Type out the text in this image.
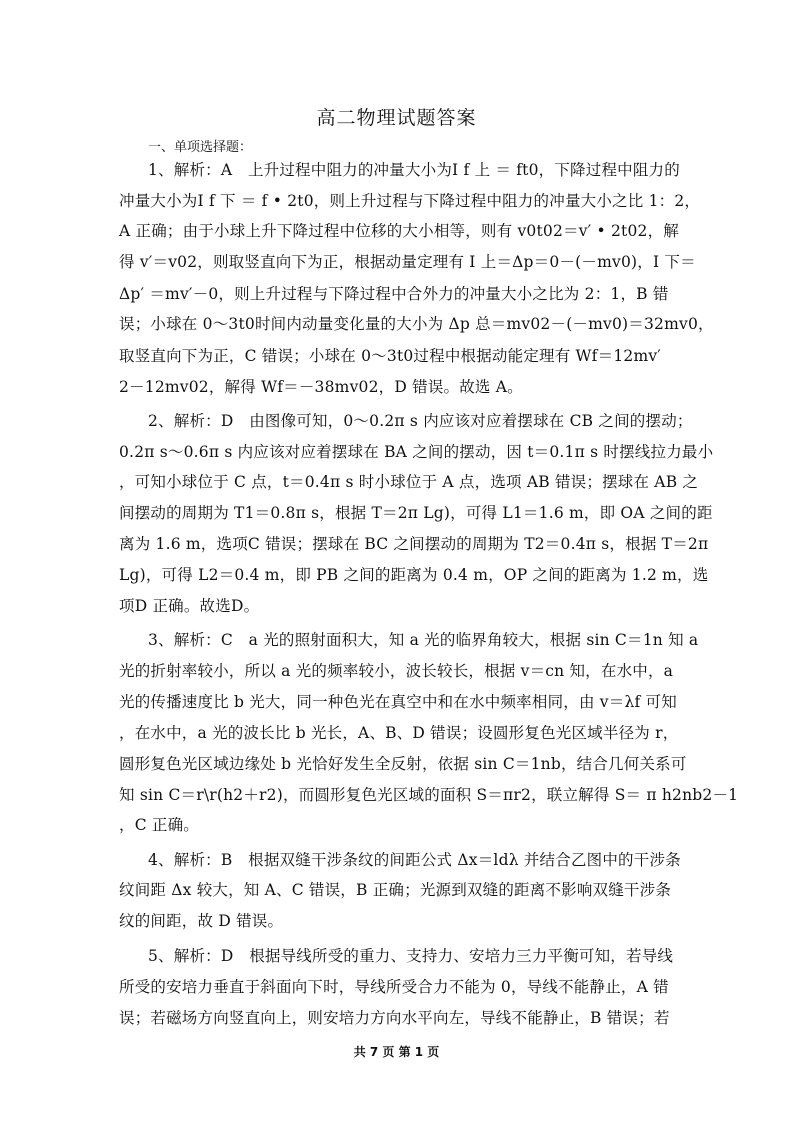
高二物理试题答案
一、单项选择题：
1、解析：A　上升过程中阻力的冲量大小为I f 上 ＝ ft0，下降过程中阻力的
冲量大小为I f 下 ＝ f • 2t0，则上升过程与下降过程中阻力的冲量大小之比 1：2，
A 正确；由于小球上升下降过程中位移的大小相等，则有 v0t02＝v′ • 2t02，解
得 v′＝v02，则取竖直向下为正，根据动量定理有 I 上＝Δp＝0－(－mv0)，I 下＝
Δp′ ＝mv′－0，则上升过程与下降过程中合外力的冲量大小之比为 2：1，B 错
误；小球在 0～3t0时间内动量变化量的大小为 Δp 总＝mv02－(－mv0)＝32mv0，
取竖直向下为正，C 错误；小球在 0～3t0过程中根据动能定理有 Wf＝12mv′
2－12mv02，解得 Wf＝－38mv02，D 错误。故选 A。
2、解析：D　由图像可知，0～0.2π s 内应该对应着摆球在 CB 之间的摆动；
0.2π s～0.6π s 内应该对应着摆球在 BA 之间的摆动，因 t＝0.1π s 时摆线拉力最小
，可知小球位于 C 点，t＝0.4π s 时小球位于 A 点，选项 AB 错误；摆球在 AB 之
间摆动的周期为 T1＝0.8π s，根据 T＝2π Lg)，可得 L1＝1.6 m，即 OA 之间的距
离为 1.6 m，选项C 错误；摆球在 BC 之间摆动的周期为 T2＝0.4π s，根据 T＝2π
Lg)，可得 L2＝0.4 m，即 PB 之间的距离为 0.4 m，OP 之间的距离为 1.2 m，选
项D 正确。故选D。
3、解析：C　a 光的照射面积大，知 a 光的临界角较大，根据 sin C＝1n 知 a
光的折射率较小，所以 a 光的频率较小，波长较长，根据 v＝cn 知，在水中，a
光的传播速度比 b 光大，同一种色光在真空中和在水中频率相同，由 v＝λf 可知
，在水中，a 光的波长比 b 光长，A、B、D 错误；设圆形复色光区域半径为 r，
圆形复色光区域边缘处 b 光恰好发生全反射，依据 sin C＝1nb，结合几何关系可
知 sin C＝r\r(h2＋r2)，而圆形复色光区域的面积 S＝πr2，联立解得 S＝ π h2nb2－1
，C 正确。
4、解析：B　根据双缝干涉条纹的间距公式 Δx＝ldλ 并结合乙图中的干涉条
纹间距 Δx 较大，知 A、C 错误，B 正确；光源到双缝的距离不影响双缝干涉条
纹的间距，故 D 错误。
5、解析：D　根据导线所受的重力、支持力、安培力三力平衡可知，若导线
所受的安培力垂直于斜面向下时，导线所受合力不能为 0，导线不能静止，A 错
误；若磁场方向竖直向上，则安培力方向水平向左，导线不能静止，B 错误；若
共 7 页 第 1 页
